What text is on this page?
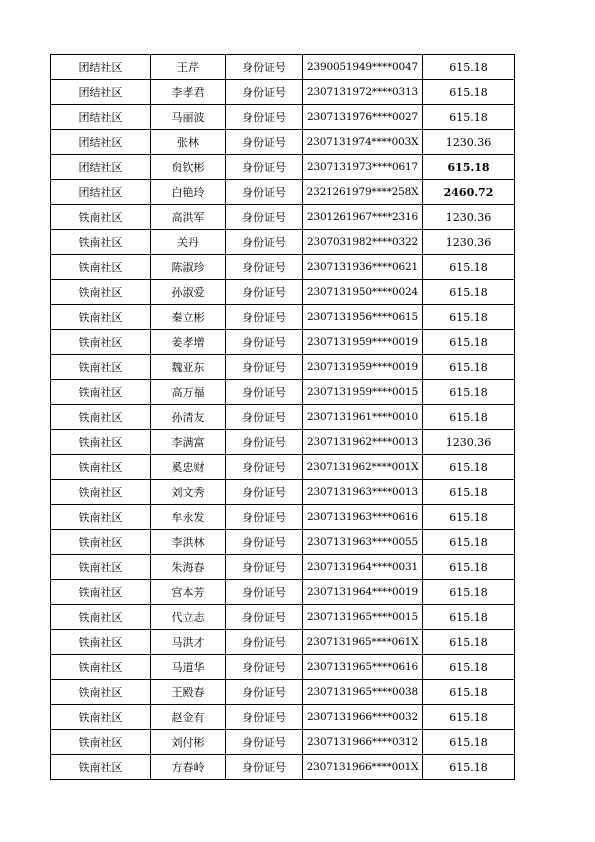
团结社区	王芹	身份证号	2390051949****0047	615.18
团结社区	李孝君	身份证号	2307131972****0313	615.18
团结社区	马丽波	身份证号	2307131976****0027	615.18
团结社区	张林	身份证号	2307131974****003X	1230.36
团结社区	贠钦彬	身份证号	2307131973****0617	615.18
团结社区	白艳玲	身份证号	2321261979****258X	2460.72
铁南社区	高洪军	身份证号	2301261967****2316	1230.36
铁南社区	关丹	身份证号	2307031982****0322	1230.36
铁南社区	陈淑珍	身份证号	2307131936****0621	615.18
铁南社区	孙淑爱	身份证号	2307131950****0024	615.18
铁南社区	秦立彬	身份证号	2307131956****0615	615.18
铁南社区	姜孝增	身份证号	2307131959****0019	615.18
铁南社区	魏亚东	身份证号	2307131959****0019	615.18
铁南社区	高万福	身份证号	2307131959****0015	615.18
铁南社区	孙清友	身份证号	2307131961****0010	615.18
铁南社区	李满富	身份证号	2307131962****0013	1230.36
铁南社区	奚忠财	身份证号	2307131962****001X	615.18
铁南社区	刘文秀	身份证号	2307131963****0013	615.18
铁南社区	牟永发	身份证号	2307131963****0616	615.18
铁南社区	李洪林	身份证号	2307131963****0055	615.18
铁南社区	朱海春	身份证号	2307131964****0031	615.18
铁南社区	宫本芳	身份证号	2307131964****0019	615.18
铁南社区	代立志	身份证号	2307131965****0015	615.18
铁南社区	马洪才	身份证号	2307131965****061X	615.18
铁南社区	马道华	身份证号	2307131965****0616	615.18
铁南社区	王殿春	身份证号	2307131965****0038	615.18
铁南社区	赵金有	身份证号	2307131966****0032	615.18
铁南社区	刘付彬	身份证号	2307131966****0312	615.18
铁南社区	方春岭	身份证号	2307131966****001X	615.18
